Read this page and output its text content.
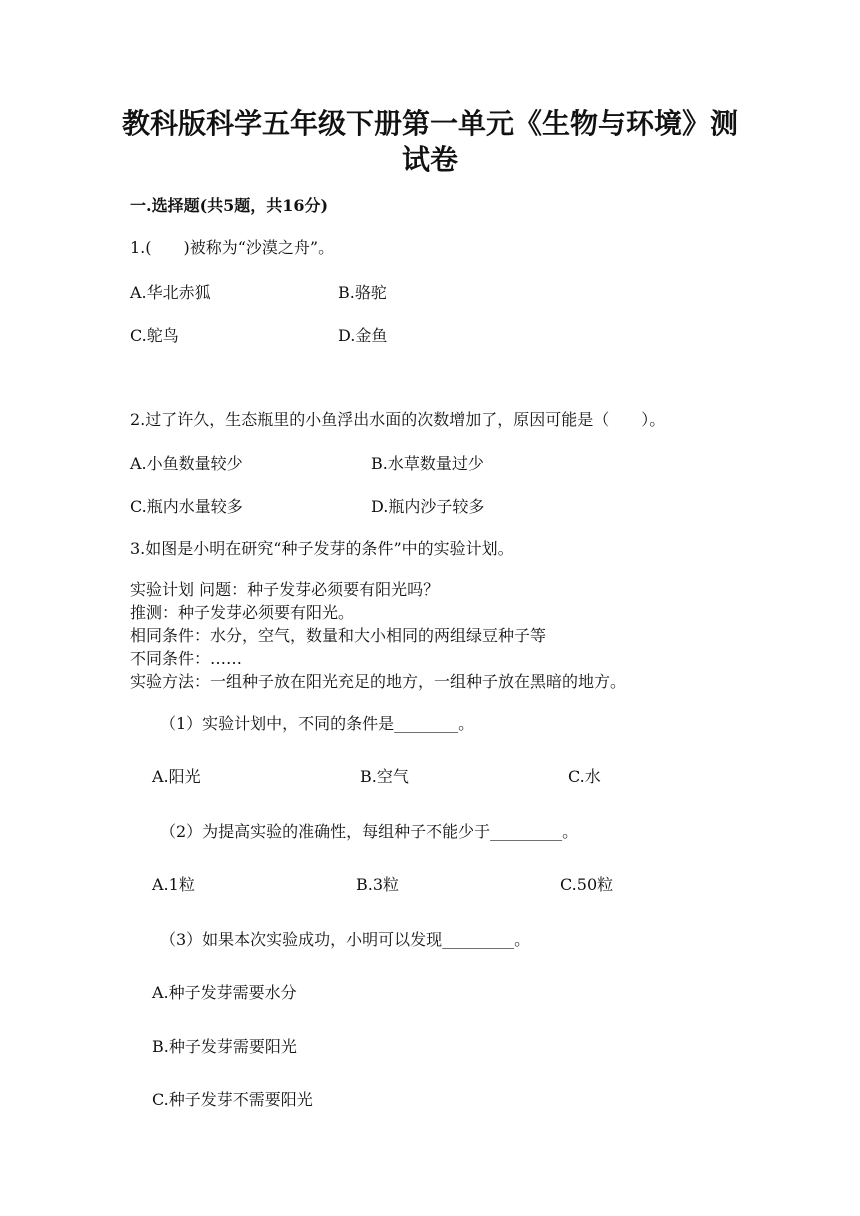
教科版科学五年级下册第一单元《生物与环境》测
试卷
一.选择题(共5题，共16分)
1.(　　)被称为“沙漠之舟”。
A.华北赤狐	B.骆驼
C.鸵鸟	D.金鱼
2.过了许久，生态瓶里的小鱼浮出水面的次数增加了，原因可能是（　　）。
A.小鱼数量较少	B.水草数量过少
C.瓶内水量较多	D.瓶内沙子较多
3.如图是小明在研究“种子发芽的条件”中的实验计划。
实验计划 问题：种子发芽必须要有阳光吗？
推测：种子发芽必须要有阳光。
相同条件：水分，空气，数量和大小相同的两组绿豆种子等
不同条件：……
实验方法：一组种子放在阳光充足的地方，一组种子放在黑暗的地方。
（1）实验计划中，不同的条件是________。
A.阳光	B.空气	C.水
（2）为提高实验的准确性，每组种子不能少于_________。
A.1粒	B.3粒	C.50粒
（3）如果本次实验成功，小明可以发现_________。
A.种子发芽需要水分
B.种子发芽需要阳光
C.种子发芽不需要阳光
